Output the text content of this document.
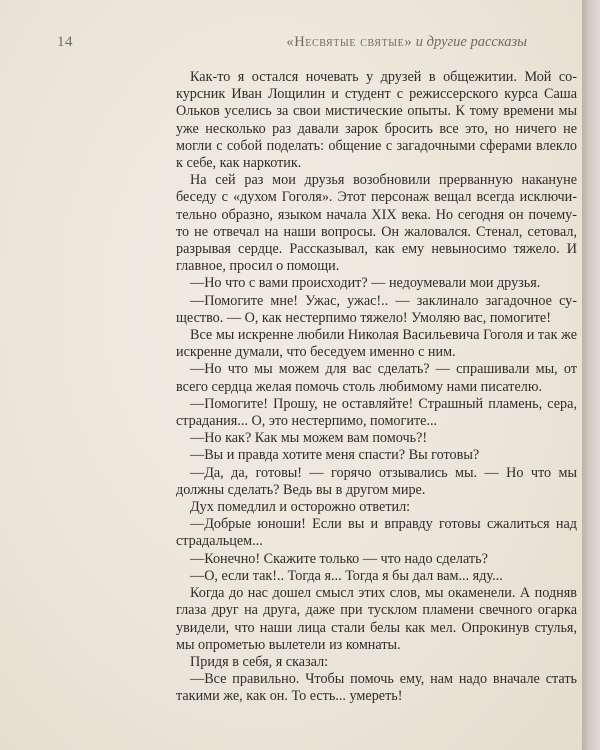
14	«Несвятые святые» и другие рассказы

Как-то я остался ночевать у друзей в общежитии. Мой со-курсник Иван Лощилин и студент с режиссерского курса Саша Ольков уселись за свои мистические опыты. К тому времени мы уже несколько раз давали зарок бросить все это, но ничего не могли с собой поделать: общение с загадочными сферами влекло к себе, как наркотик.

На сей раз мои друзья возобновили прерванную накануне беседу с «духом Гоголя». Этот персонаж вещал всегда исключи-тельно образно, языком начала XIX века. Но сегодня он почему-то не отвечал на наши вопросы. Он жаловался. Стенал, сетовал, разрывая сердце. Рассказывал, как ему невыносимо тяжело. И главное, просил о помощи.

—Но что с вами происходит? — недоумевали мои друзья.

—Помогите мне! Ужас, ужас!.. — заклинало загадочное су-щество. — О, как нестерпимо тяжело! Умоляю вас, помогите!

Все мы искренне любили Николая Васильевича Гоголя и так же искренне думали, что беседуем именно с ним.

—Но что мы можем для вас сделать? — спрашивали мы, от всего сердца желая помочь столь любимому нами писателю.

—Помогите! Прошу, не оставляйте! Страшный пламень, сера, страдания... О, это нестерпимо, помогите...

—Но как? Как мы можем вам помочь?!

—Вы и правда хотите меня спасти? Вы готовы?

—Да, да, готовы! — горячо отзывались мы. — Но что мы должны сделать? Ведь вы в другом мире.

Дух помедлил и осторожно ответил:

—Добрые юноши! Если вы и вправду готовы сжалиться над страдальцем...

—Конечно! Скажите только — что надо сделать?

—О, если так!.. Тогда я... Тогда я бы дал вам... яду...

Когда до нас дошел смысл этих слов, мы окаменели. А подняв глаза друг на друга, даже при тусклом пламени свечного огарка увидели, что наши лица стали белы как мел. Опрокинув стулья, мы опрометью вылетели из комнаты.

Придя в себя, я сказал:

—Все правильно. Чтобы помочь ему, нам надо вначале стать такими же, как он. То есть... умереть!
